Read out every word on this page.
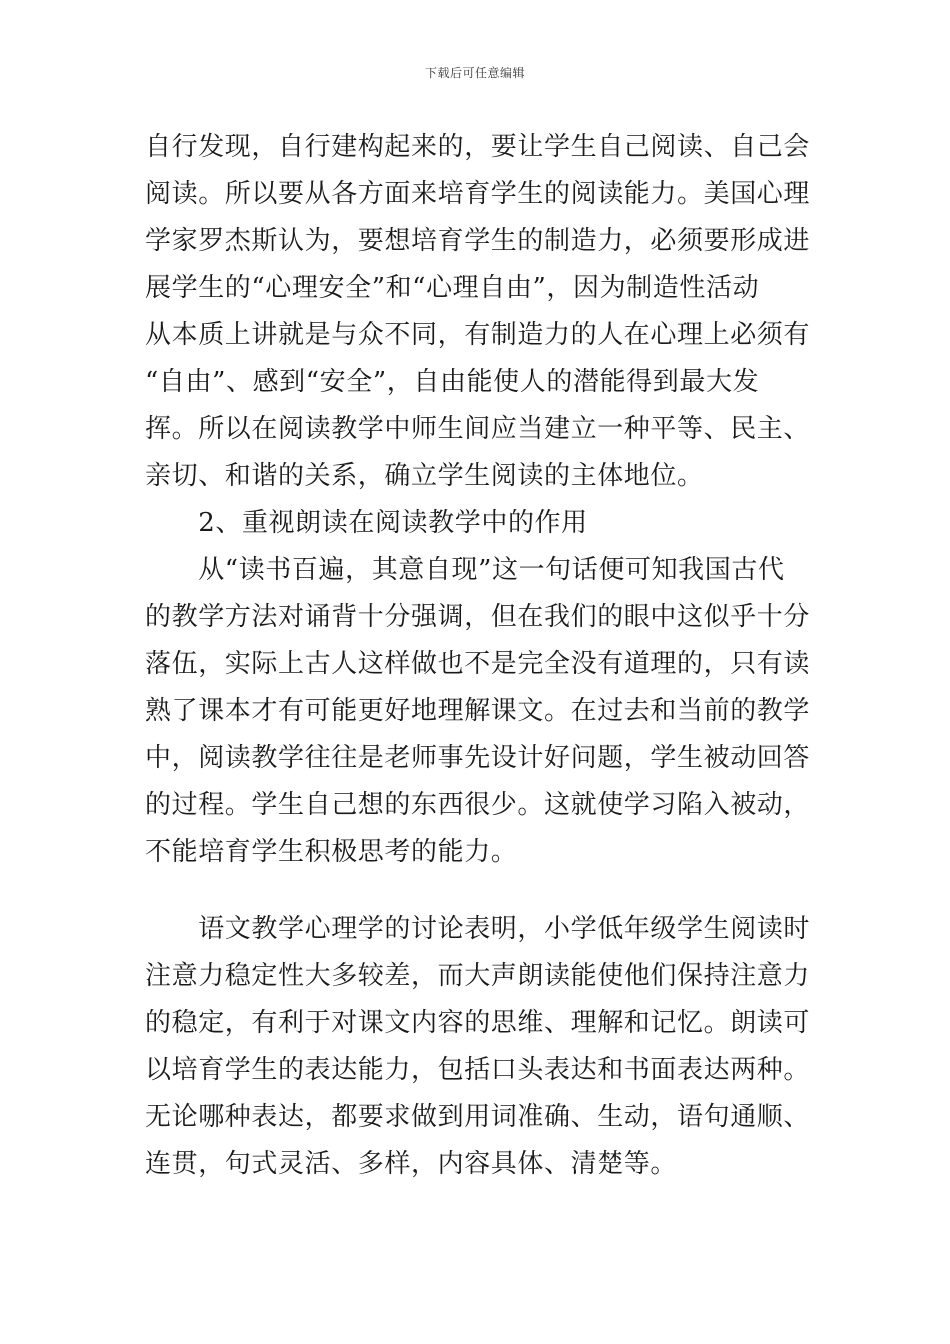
下载后可任意编辑
自行发现，自行建构起来的，要让学生自己阅读、自己会
阅读。所以要从各方面来培育学生的阅读能力。美国心理
学家罗杰斯认为，要想培育学生的制造力，必须要形成进
展学生的“心理安全”和“心理自由”，因为制造性活动
从本质上讲就是与众不同，有制造力的人在心理上必须有
“自由”、感到“安全”，自由能使人的潜能得到最大发
挥。所以在阅读教学中师生间应当建立一种平等、民主、
亲切、和谐的关系，确立学生阅读的主体地位。
　　2、重视朗读在阅读教学中的作用
　　从“读书百遍，其意自现”这一句话便可知我国古代
的教学方法对诵背十分强调，但在我们的眼中这似乎十分
落伍，实际上古人这样做也不是完全没有道理的，只有读
熟了课本才有可能更好地理解课文。在过去和当前的教学
中，阅读教学往往是老师事先设计好问题，学生被动回答
的过程。学生自己想的东西很少。这就使学习陷入被动，
不能培育学生积极思考的能力。
　　语文教学心理学的讨论表明，小学低年级学生阅读时
注意力稳定性大多较差，而大声朗读能使他们保持注意力
的稳定，有利于对课文内容的思维、理解和记忆。朗读可
以培育学生的表达能力，包括口头表达和书面表达两种。
无论哪种表达，都要求做到用词准确、生动，语句通顺、
连贯，句式灵活、多样，内容具体、清楚等。
